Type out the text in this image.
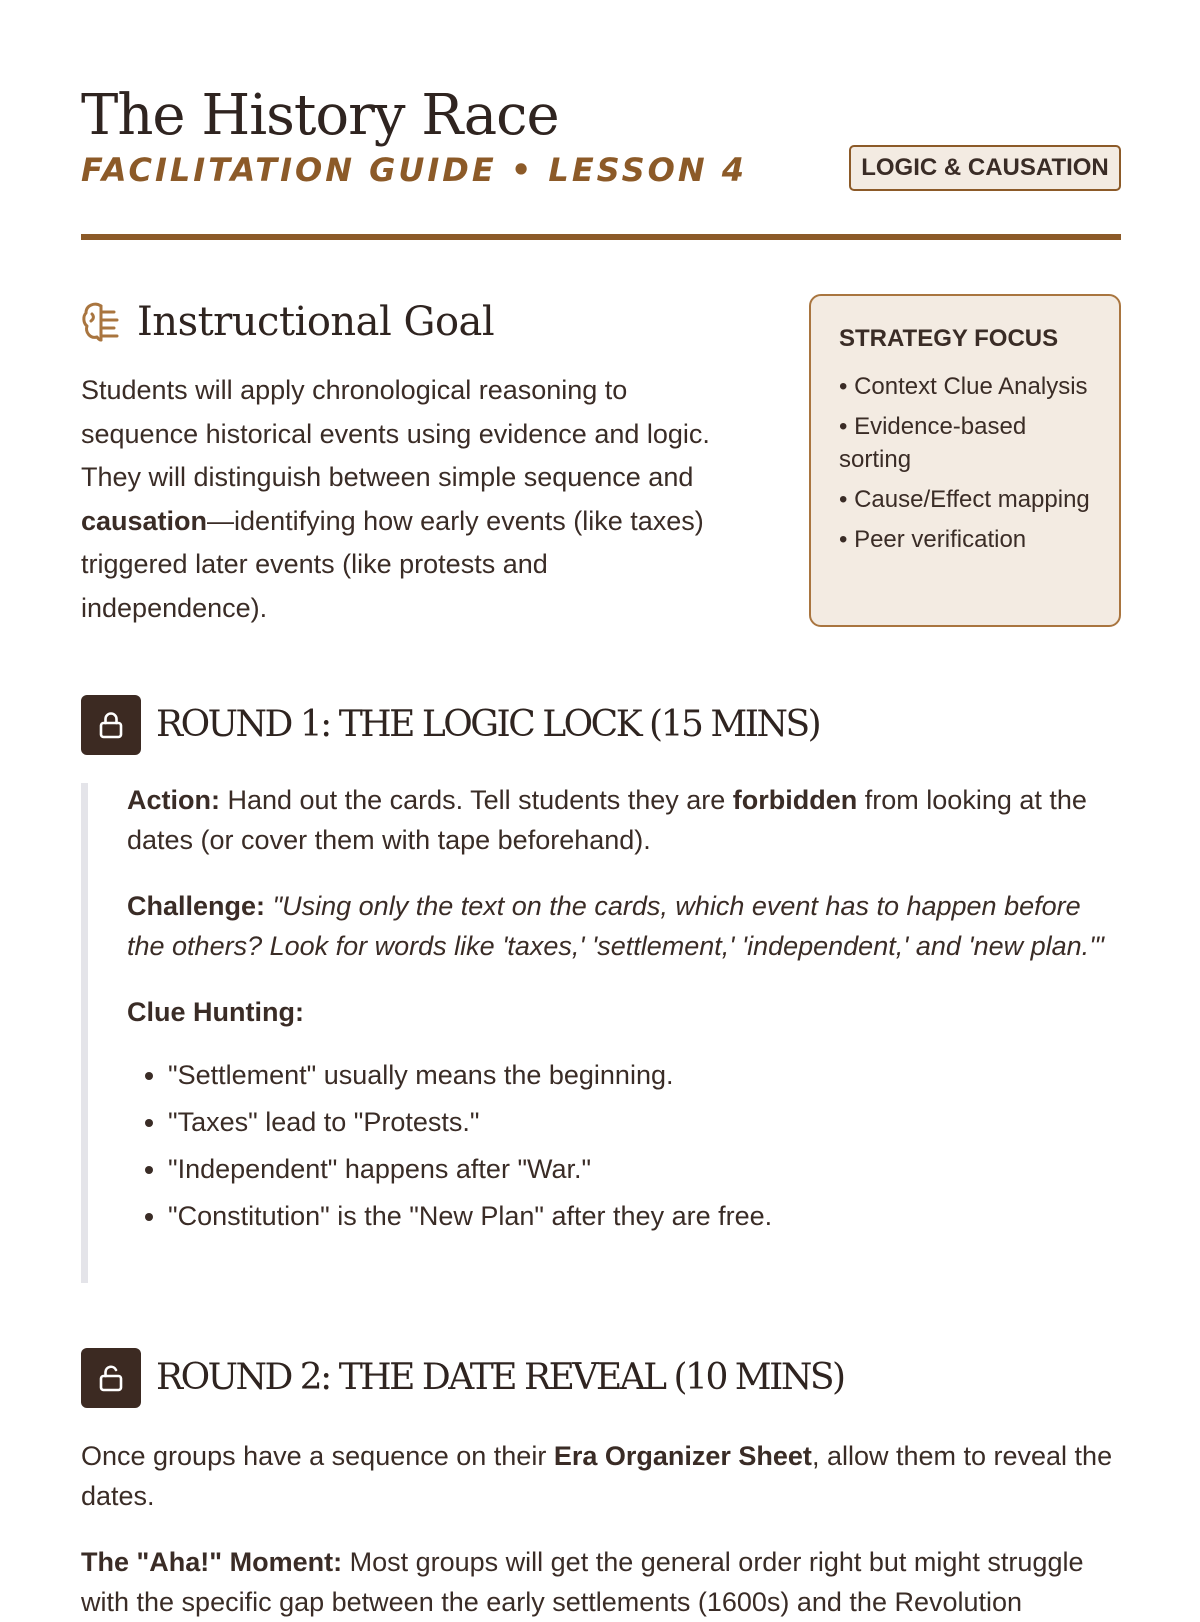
The History Race
FACILITATION GUIDE • LESSON 4	LOGIC & CAUSATION
Instructional Goal

Students will apply chronological reasoning to sequence historical events using evidence and logic. They will distinguish between simple sequence and causation—identifying how early events (like taxes) triggered later events (like protests and independence).

STRATEGY FOCUS
• Context Clue Analysis
• Evidence-based sorting
• Cause/Effect mapping
• Peer verification
ROUND 1: THE LOGIC LOCK (15 MINS)

Action: Hand out the cards. Tell students they are forbidden from looking at the dates (or cover them with tape beforehand).

Challenge: "Using only the text on the cards, which event has to happen before the others? Look for words like 'taxes,' 'settlement,' 'independent,' and 'new plan.'"

Clue Hunting:

• "Settlement" usually means the beginning.
• "Taxes" lead to "Protests."
• "Independent" happens after "War."
• "Constitution" is the "New Plan" after they are free.
ROUND 2: THE DATE REVEAL (10 MINS)

Once groups have a sequence on their Era Organizer Sheet, allow them to reveal the dates.

The "Aha!" Moment: Most groups will get the general order right but might struggle with the specific gap between the early settlements (1600s) and the Revolution
